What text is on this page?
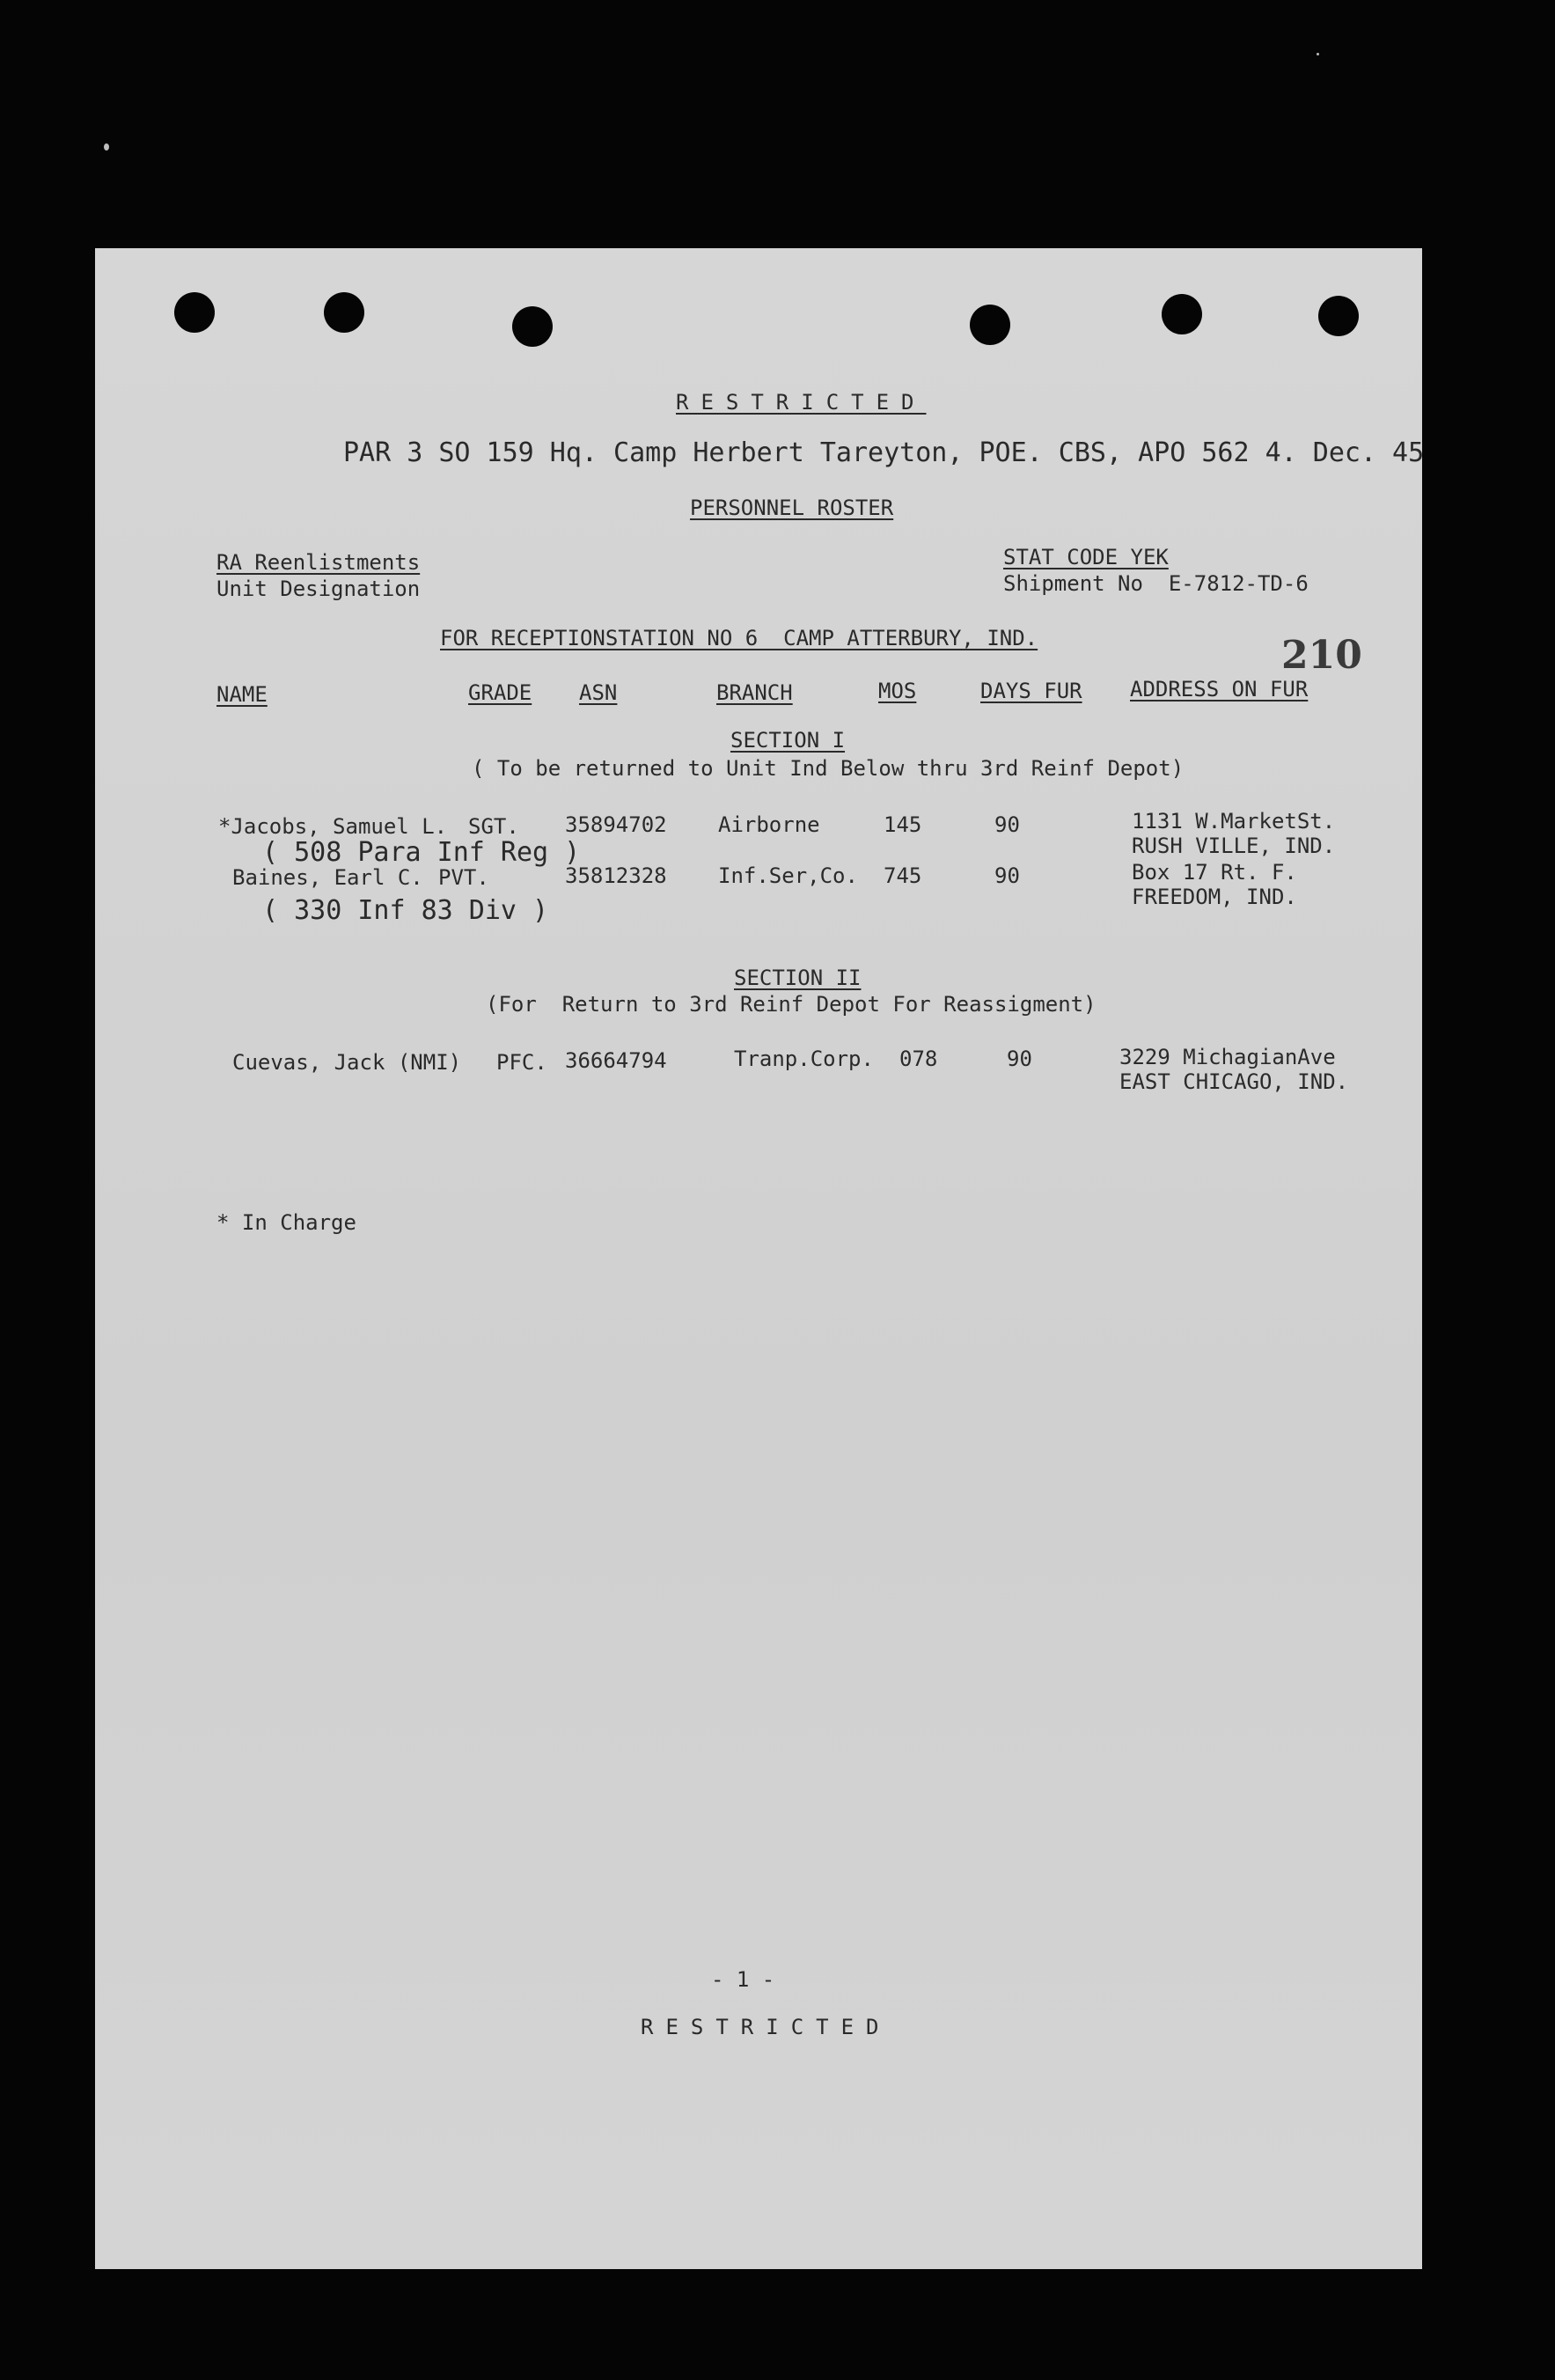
RESTRICTED
PAR 3 SO 159 Hq. Camp Herbert Tareyton, POE. CBS, APO 562 4. Dec. 45
PERSONNEL ROSTER
RA Reenlistments
Unit Designation
STAT CODE YEK
Shipment No  E-7812-TD-6
FOR RECEPTIONSTATION NO 6  CAMP ATTERBURY, IND.	210
NAME	GRADE ASN	BRANCH	MOS	DAYS FUR ADDRESS ON FUR
SECTION I
( To be returned to Unit Ind Below thru 3rd Reinf Depot)
*Jacobs, Samuel L. SGT. 35894702 Airborne	145	90	1131 W.MarketSt.
RUSH VILLE, IND.
( 508 Para Inf Reg )
Baines, Earl C. PVT.	35812328 Inf.Ser,Co. 745	90	Box 17 Rt. F.
FREEDOM, IND.
( 330 Inf 83 Div )
SECTION II
(For  Return to 3rd Reinf Depot For Reassigment)
Cuevas, Jack (NMI) PFC. 36664794	Tranp.Corp. 078	90	3229 MichagianAve
EAST CHICAGO, IND.
* In Charge
- 1 -
RESTRICTED
